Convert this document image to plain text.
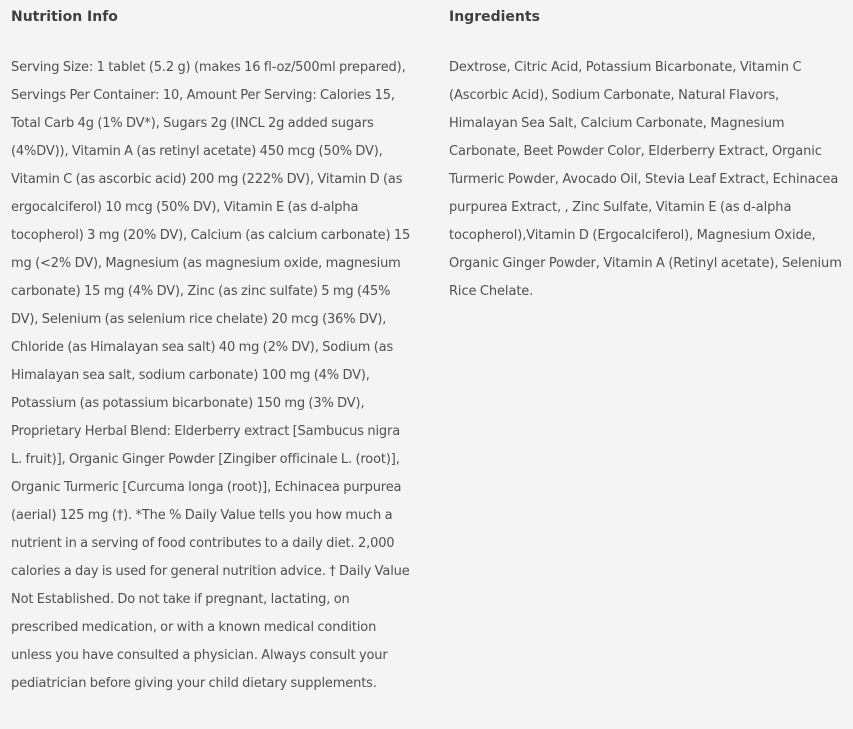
Nutrition Info

Serving Size: 1 tablet (5.2 g) (makes 16 fl-oz/500ml prepared), Servings Per Container: 10, Amount Per Serving: Calories 15, Total Carb 4g (1% DV*), Sugars 2g (INCL 2g added sugars (4%DV)), Vitamin A (as retinyl acetate) 450 mcg (50% DV), Vitamin C (as ascorbic acid) 200 mg (222% DV), Vitamin D (as ergocalciferol) 10 mcg (50% DV), Vitamin E (as d-alpha tocopherol) 3 mg (20% DV), Calcium (as calcium carbonate) 15 mg (<2% DV), Magnesium (as magnesium oxide, magnesium carbonate) 15 mg (4% DV), Zinc (as zinc sulfate) 5 mg (45% DV), Selenium (as selenium rice chelate) 20 mcg (36% DV), Chloride (as Himalayan sea salt) 40 mg (2% DV), Sodium (as Himalayan sea salt, sodium carbonate) 100 mg (4% DV), Potassium (as potassium bicarbonate) 150 mg (3% DV), Proprietary Herbal Blend: Elderberry extract [Sambucus nigra L. fruit)], Organic Ginger Powder [Zingiber officinale L. (root)], Organic Turmeric [Curcuma longa (root)], Echinacea purpurea (aerial) 125 mg (†). *The % Daily Value tells you how much a nutrient in a serving of food contributes to a daily diet. 2,000 calories a day is used for general nutrition advice. † Daily Value Not Established. Do not take if pregnant, lactating, on prescribed medication, or with a known medical condition unless you have consulted a physician. Always consult your pediatrician before giving your child dietary supplements.

Ingredients

Dextrose, Citric Acid, Potassium Bicarbonate, Vitamin C (Ascorbic Acid), Sodium Carbonate, Natural Flavors, Himalayan Sea Salt, Calcium Carbonate, Magnesium Carbonate, Beet Powder Color, Elderberry Extract, Organic Turmeric Powder, Avocado Oil, Stevia Leaf Extract, Echinacea purpurea Extract, , Zinc Sulfate, Vitamin E (as d-alpha tocopherol),Vitamin D (Ergocalciferol), Magnesium Oxide, Organic Ginger Powder, Vitamin A (Retinyl acetate), Selenium Rice Chelate.
